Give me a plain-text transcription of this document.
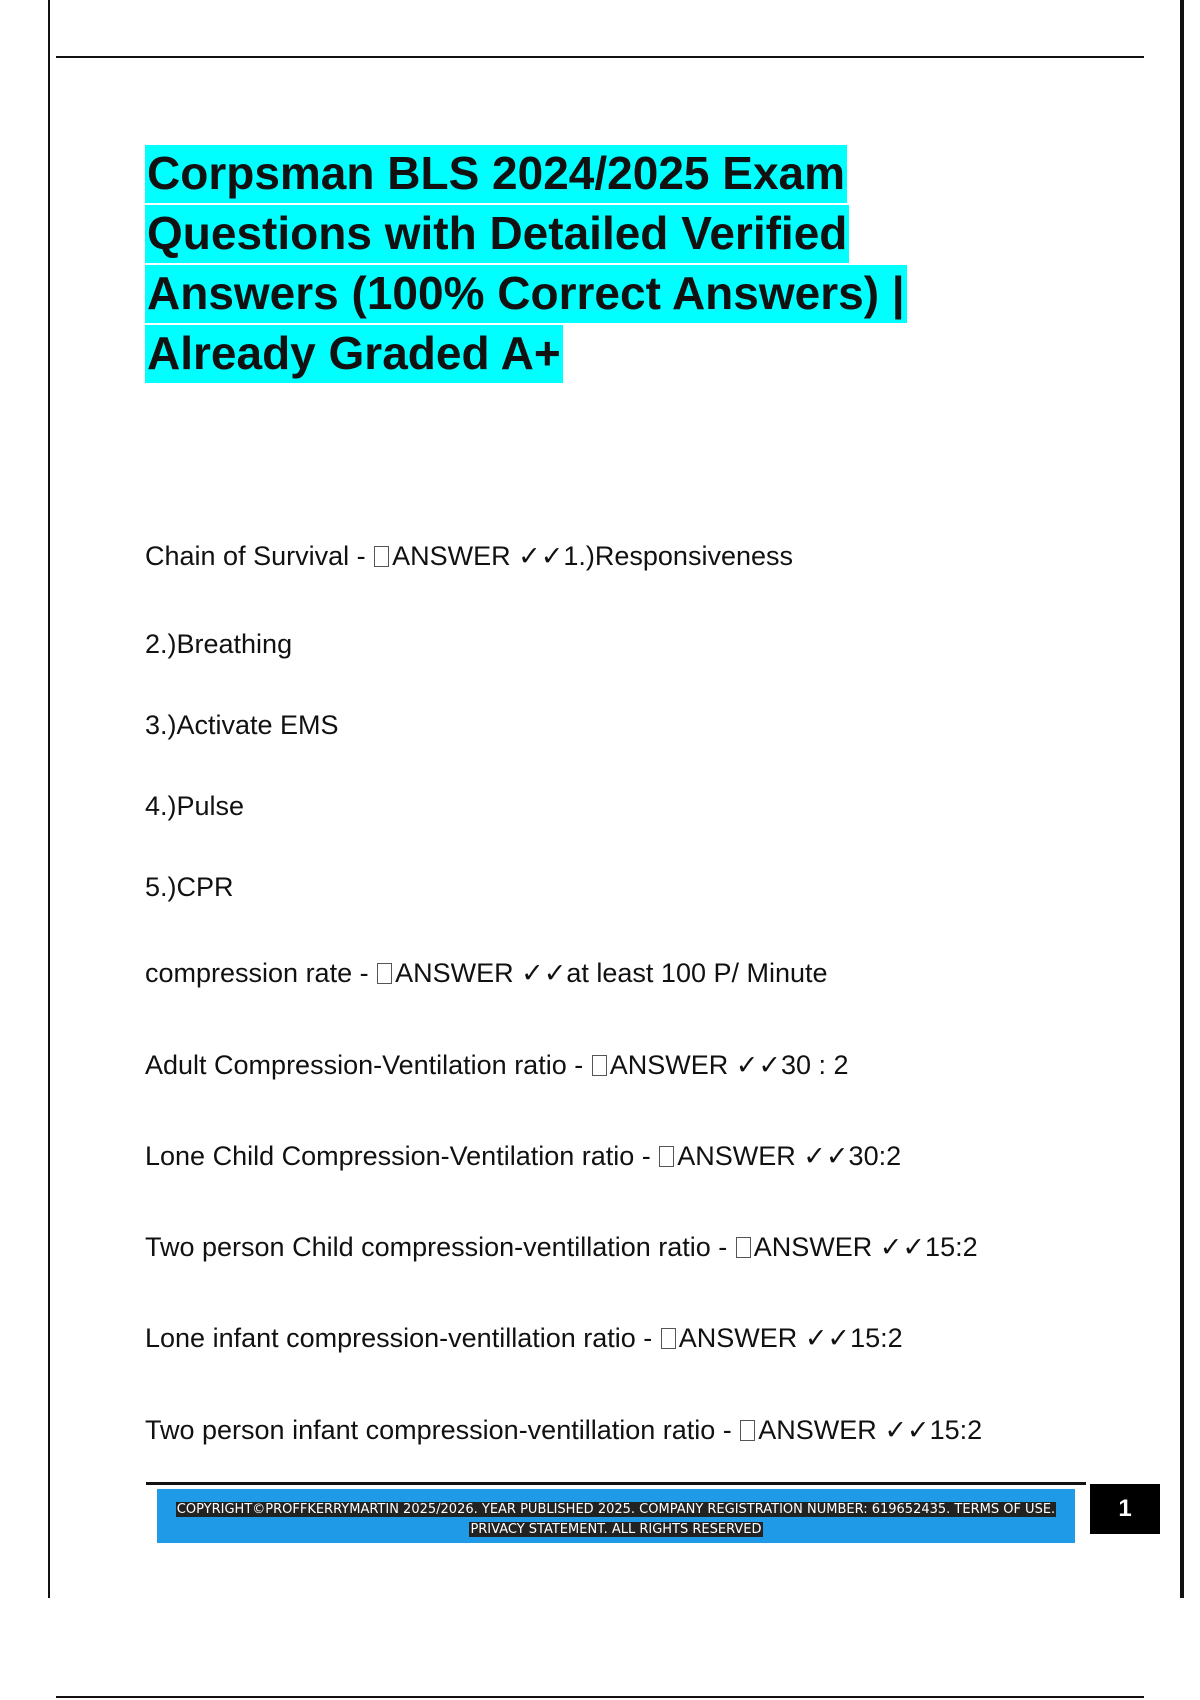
Corpsman BLS 2024/2025 Exam Questions with Detailed Verified Answers (100% Correct Answers) | Already Graded A+

Chain of Survival - ANSWER ✓✓1.)Responsiveness

2.)Breathing

3.)Activate EMS

4.)Pulse

5.)CPR

compression rate - ANSWER ✓✓at least 100 P/ Minute

Adult Compression-Ventilation ratio - ANSWER ✓✓30 : 2

Lone Child Compression-Ventilation ratio - ANSWER ✓✓30:2

Two person Child compression-ventillation ratio - ANSWER ✓✓15:2

Lone infant compression-ventillation ratio - ANSWER ✓✓15:2

Two person infant compression-ventillation ratio - ANSWER ✓✓15:2

COPYRIGHT©PROFFKERRYMARTIN 2025/2026. YEAR PUBLISHED 2025. COMPANY REGISTRATION NUMBER: 619652435. TERMS OF USE.
PRIVACY STATEMENT. ALL RIGHTS RESERVED
1
